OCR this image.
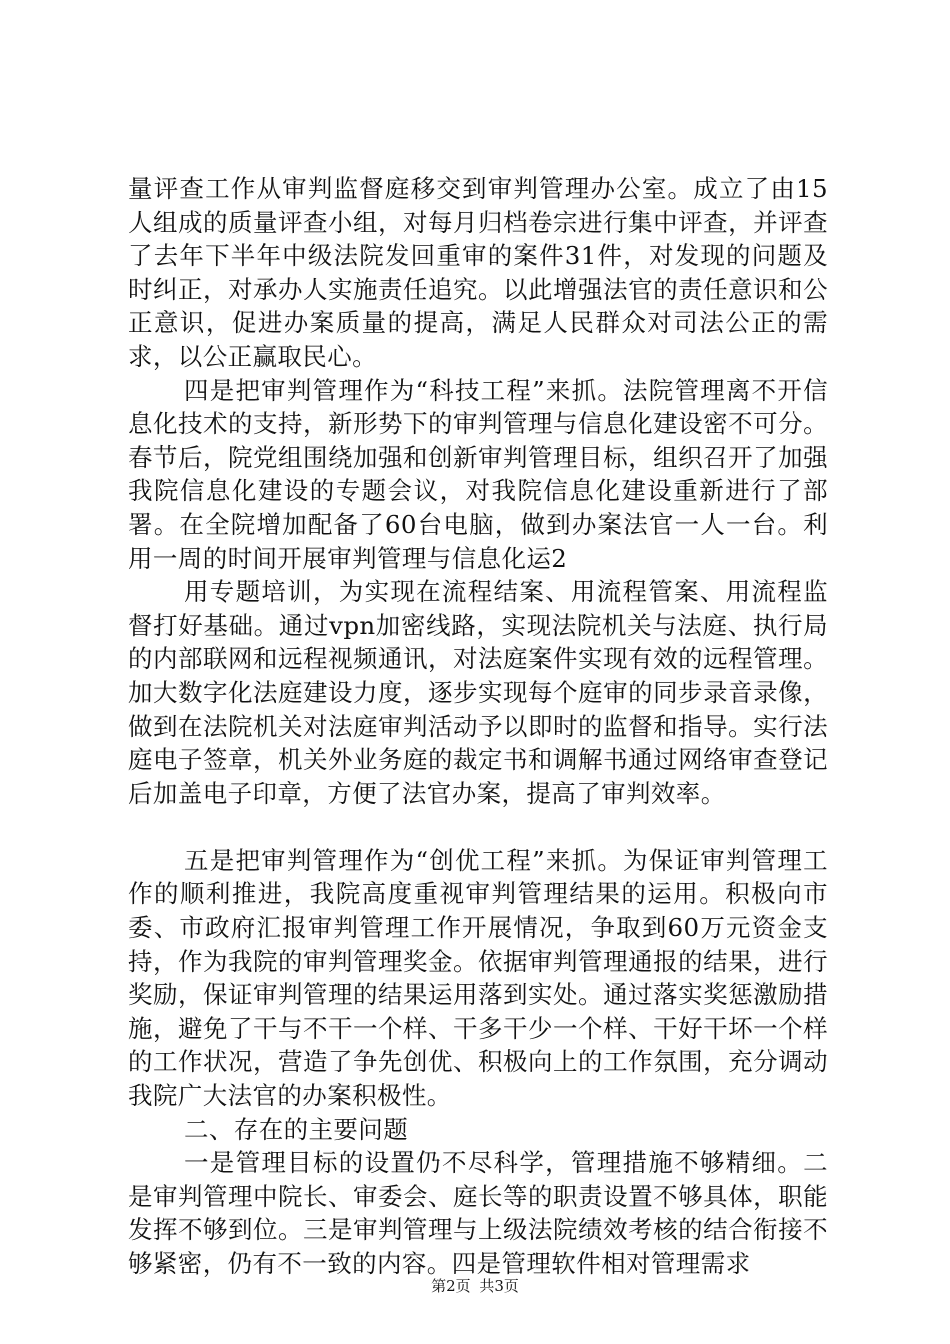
量评查工作从审判监督庭移交到审判管理办公室。成立了由15人组成的质量评查小组，对每月归档卷宗进行集中评查，并评查了去年下半年中级法院发回重审的案件31件，对发现的问题及时纠正，对承办人实施责任追究。以此增强法官的责任意识和公正意识，促进办案质量的提高，满足人民群众对司法公正的需求，以公正赢取民心。

四是把审判管理作为“科技工程”来抓。法院管理离不开信息化技术的支持，新形势下的审判管理与信息化建设密不可分。春节后，院党组围绕加强和创新审判管理目标，组织召开了加强我院信息化建设的专题会议，对我院信息化建设重新进行了部署。在全院增加配备了60台电脑，做到办案法官一人一台。利用一周的时间开展审判管理与信息化运2

用专题培训，为实现在流程结案、用流程管案、用流程监督打好基础。通过vpn加密线路，实现法院机关与法庭、执行局的内部联网和远程视频通讯，对法庭案件实现有效的远程管理。加大数字化法庭建设力度，逐步实现每个庭审的同步录音录像，做到在法院机关对法庭审判活动予以即时的监督和指导。实行法庭电子签章，机关外业务庭的裁定书和调解书通过网络审查登记后加盖电子印章，方便了法官办案，提高了审判效率。

五是把审判管理作为“创优工程”来抓。为保证审判管理工作的顺利推进，我院高度重视审判管理结果的运用。积极向市委、市政府汇报审判管理工作开展情况，争取到60万元资金支持，作为我院的审判管理奖金。依据审判管理通报的结果，进行奖励，保证审判管理的结果运用落到实处。通过落实奖惩激励措施，避免了干与不干一个样、干多干少一个样、干好干坏一个样的工作状况，营造了争先创优、积极向上的工作氛围，充分调动我院广大法官的办案积极性。

二、存在的主要问题

一是管理目标的设置仍不尽科学，管理措施不够精细。二是审判管理中院长、审委会、庭长等的职责设置不够具体，职能发挥不够到位。三是审判管理与上级法院绩效考核的结合衔接不够紧密，仍有不一致的内容。四是管理软件相对管理需求

第2页 共3页
